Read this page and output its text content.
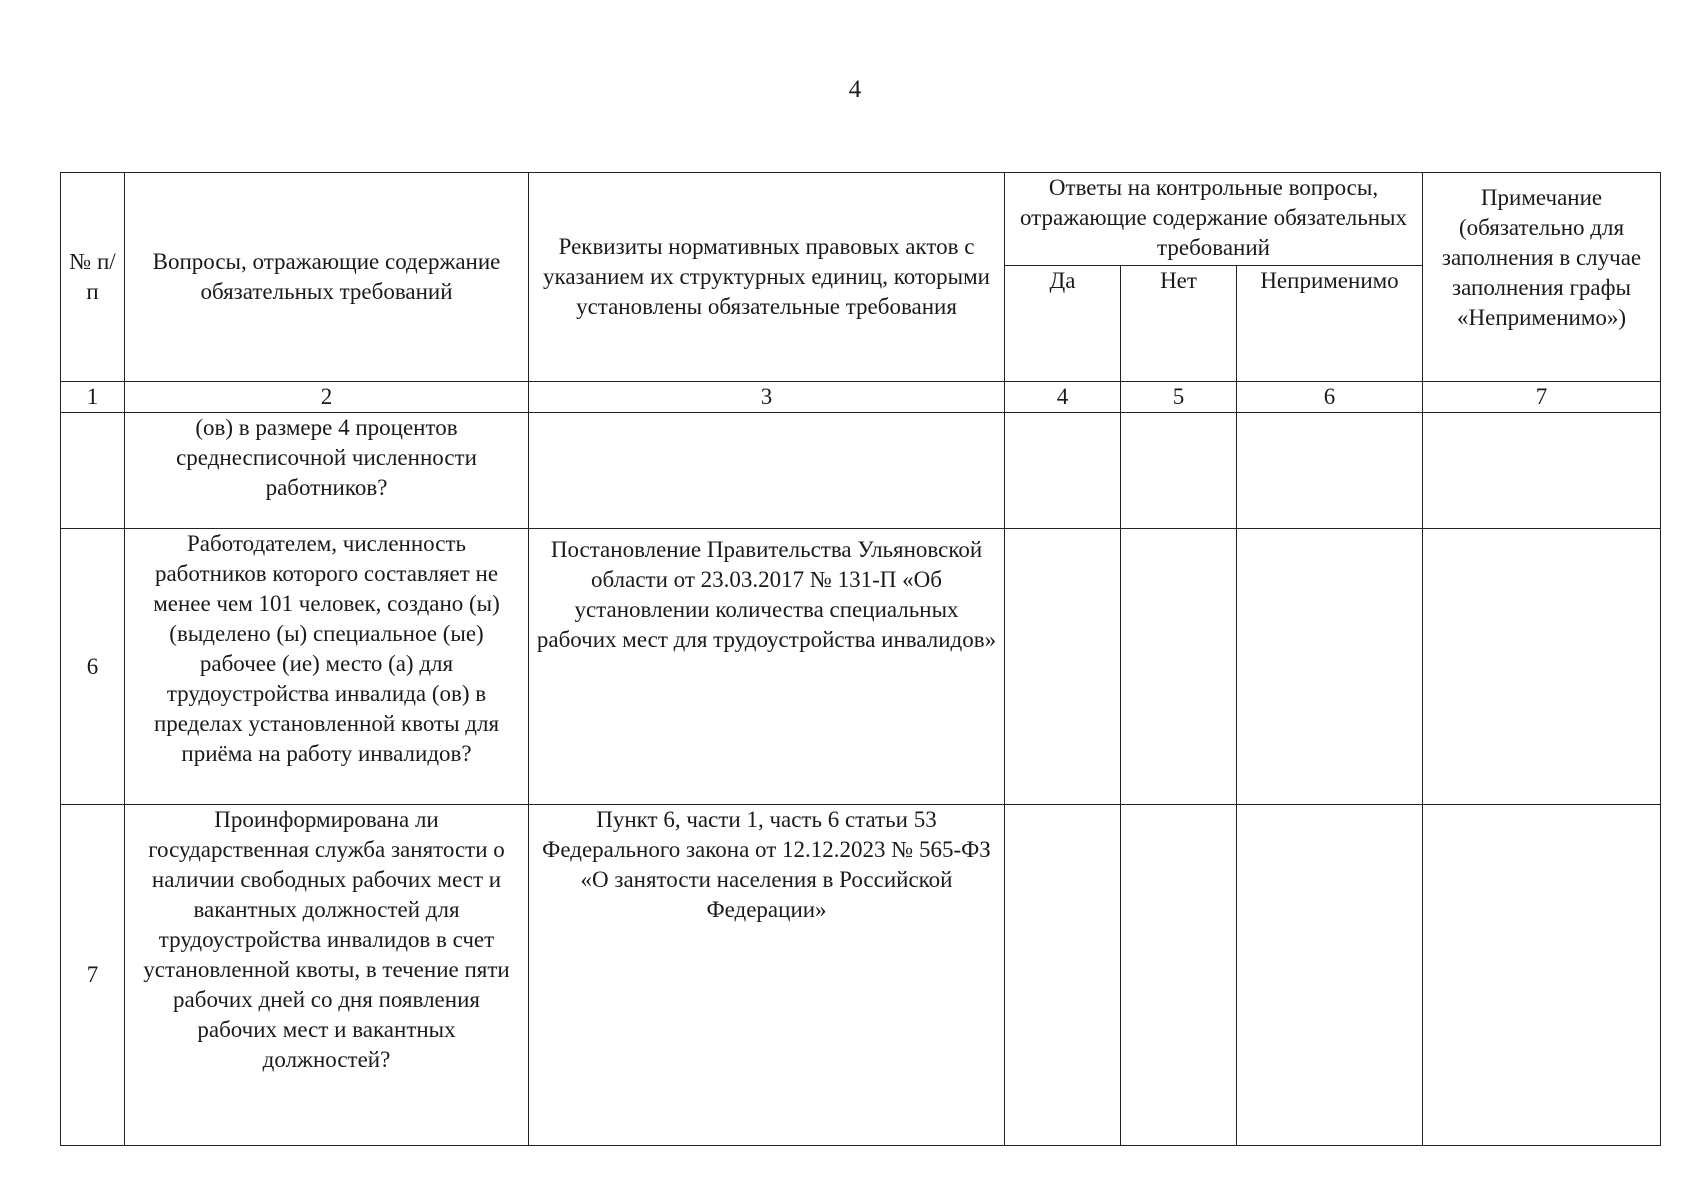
4
№ п/п	Вопросы, отражающие содержание обязательных требований	Реквизиты нормативных правовых актов с указанием их структурных единиц, которыми установлены обязательные требования	Ответы на контрольные вопросы, отражающие содержание обязательных требований			Примечание (обязательно для заполнения в случае заполнения графы «Неприменимо»)
			Да	Нет	Неприменимо	
1	2	3	4	5	6	7
	(ов) в размере 4 процентов среднесписочной численности работников?					
6	Работодателем, численность работников которого составляет не менее чем 101 человек, создано (ы) (выделено (ы) специальное (ые) рабочее (ие) место (а) для трудоустройства инвалида (ов) в пределах установленной квоты для приёма на работу инвалидов?	Постановление Правительства Ульяновской области от 23.03.2017 № 131-П «Об установлении количества специальных рабочих мест для трудоустройства инвалидов»				
7	Проинформирована ли государственная служба занятости о наличии свободных рабочих мест и вакантных должностей для трудоустройства инвалидов в счет установленной квоты, в течение пяти рабочих дней со дня появления рабочих мест и вакантных должностей?	Пункт 6, части 1, часть 6 статьи 53 Федерального закона от 12.12.2023 № 565-ФЗ «О занятости населения в Российской Федерации»				
